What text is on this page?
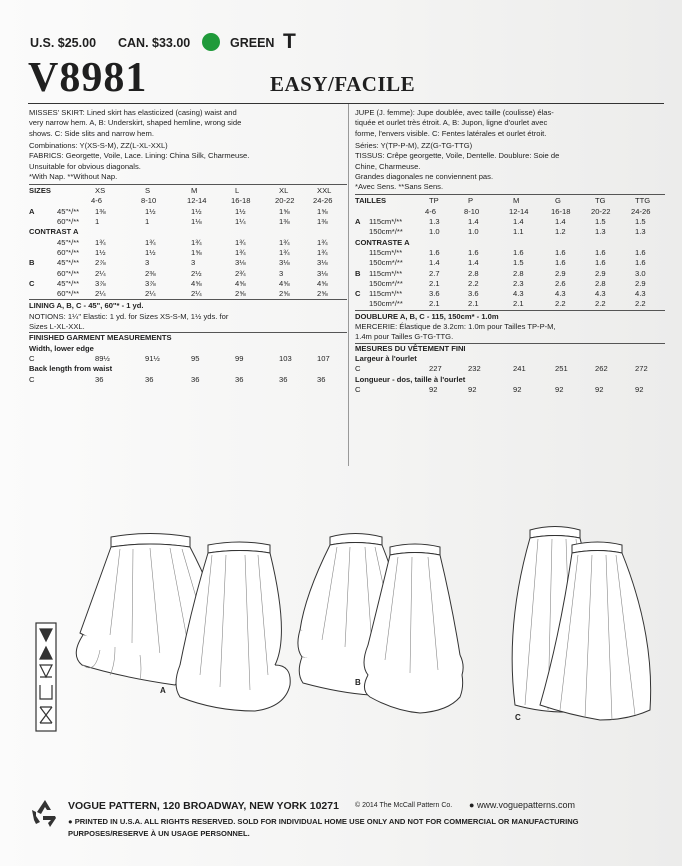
U.S. $25.00 CAN. $33.00	GREEN T
V8981	EASY/FACILE
MISSES' SKIRT: Lined skirt has elasticized (casing) waist and
very narrow hem. A, B: Underskirt, shaped hemline, wrong side
shows. C: Side slits and narrow hem.
Combinations: Y(XS-S-M), ZZ(L-XL-XXL)
FABRICS: Georgette, Voile, Lace. Lining: China Silk, Charmeuse.
Unsuitable for obvious diagonals.
*With Nap. **Without Nap.
SIZES	XS	S	M	L	XL	XXL
4-6	8-10	12-14	16-18	20-22 24-26
A	45"*/** 1⅜	1½	1½	1½	1⅝	1⅝
60"*/** 1	1	1⅛	1¼	1⅜	1⅜
CONTRAST A
45"*/** 1¾	1¾	1¾	1¾	1¾	1¾
60"*/** 1½	1½	1⅝	1¾	1¾	1¾
B	45"*/** 2⅞	3	3	3⅛	3⅛	3⅛
60"*/** 2¼	2⅜	2½	2¾	3	3⅛
C	45"*/** 3⅞	3⅞	4⅝	4⅝	4⅝	4⅝
60"*/** 2¼	2¼	2¼	2⅝	2⅝	2⅝
LINING A, B, C - 45", 60"* - 1 yd.
NOTIONS: 1¼" Elastic: 1 yd. for Sizes XS-S-M, 1½ yds. for
Sizes L-XL-XXL.
FINISHED GARMENT MEASUREMENTS
Width, lower edge
C	89½	91½	95	99	103	107
Back length from waist
C	36	36	36	36	36	36
JUPE (J. femme): Jupe doublée, avec taille (coulisse) élas-
tiquée et ourlet très étroit. A, B: Jupon, ligne d'ourlet avec
forme, l'envers visible. C: Fentes latérales et ourlet étroit.
Séries: Y(TP-P-M), ZZ(G-TG-TTG)
TISSUS: Crêpe georgette, Voile, Dentelle. Doublure: Soie de
Chine, Charmeuse.
Grandes diagonales ne conviennent pas.
*Avec Sens. **Sans Sens.
TAILLES	TP	P	M	G	TG	TTG
4-6	8-10	12-14	16-18	20-22	24-26
A 115cm*/**	1.3	1.4	1.4	1.4	1.5	1.5
150cm*/**	1.0	1.0	1.1	1.2	1.3	1.3
CONTRASTE A
115cm*/**	1.6	1.6	1.6	1.6	1.6	1.6
150cm*/**	1.4	1.4	1.5	1.6	1.6	1.6
B 115cm*/**	2.7	2.8	2.8	2.9	2.9	3.0
150cm*/**	2.1	2.2	2.3	2.6	2.8	2.9
C 115cm*/**	3.6	3.6	4.3	4.3	4.3	4.3
150cm*/**	2.1	2.1	2.1	2.2	2.2	2.2
DOUBLURE A, B, C - 115, 150cm* - 1.0m
MERCERIE: Élastique de 3.2cm: 1.0m pour Tailles TP-P-M,
1.4m pour Tailles G-TG-TTG.
MESURES DU VÊTEMENT FINI
Largeur à l'ourlet
C	227	232	241	251	262	272
Longueur - dos, taille à l'ourlet
C	92	92	92	92	92	92
A
B
C
VOGUE PATTERN, 120 BROADWAY, NEW YORK 10271 © 2014 The McCall Pattern Co. ● www.voguepatterns.com
● PRINTED IN U.S.A. ALL RIGHTS RESERVED. SOLD FOR INDIVIDUAL HOME USE ONLY AND NOT FOR COMMERCIAL OR MANUFACTURING
PURPOSES/RESERVE À UN USAGE PERSONNEL.
